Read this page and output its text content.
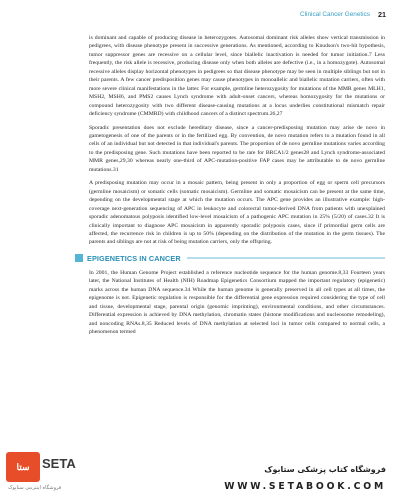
Clinical Cancer Genetics 21

is dominant and capable of producing disease in heterozygotes. Autosomal dominant risk alleles show vertical transmission in pedigrees, with disease phenotype present in successive generations. As mentioned, according to Knudson's two-hit hypothesis, tumor suppressor genes are recessive on a cellular level, since biallelic inactivation is needed for tumor initiation.7 Less frequently, the risk allele is recessive, producing disease only when both alleles are defective (i.e., in a homozygote). Autosomal recessive alleles display horizontal phenotypes in pedigrees so that disease phenotype may be seen in multiple siblings but not in their parents. A few cancer predisposition genes may cause phenotypes in monoallelic and biallelic mutation carriers, often with more severe clinical manifestations in the latter. For example, germline heterozygosity for mutations of the MMR genes MLH1, MSH2, MSH6, and PMS2 causes Lynch syndrome with adult-onset cancers, whereas homozygosity for the mutations or compound heterozygosity with two different disease-causing mutations at a locus underlies constitutional mismatch repair deficiency syndrome (CMMRD) with childhood cancers of a distinct spectrum.26,27

Sporadic presentation does not exclude hereditary disease, since a cancer-predisposing mutation may arise de novo in gametogenesis of one of the parents or in the fertilized egg. By convention, de novo mutation refers to a mutation found in all cells of an individual but not detected in that individual's parents. The proportion of de novo germline mutations varies according to the predisposing gene. Such mutations have been reported to be rare for BRCA1/2 genes28 and Lynch syndrome-associated MMR genes,29,30 whereas nearly one-third of APC-mutation-positive FAP cases may be attributable to de novo germline mutations.31

A predisposing mutation may occur in a mosaic pattern, being present in only a proportion of egg or sperm cell precursors (germline mosaicism) or somatic cells (somatic mosaicism). Germline and somatic mosaicism can be present at the same time, depending on the developmental stage at which the mutation occurs. The APC gene provides an illustrative example: high-coverage next-generation sequencing of APC in leukocyte and colorectal tumor-derived DNA from patients with unexplained sporadic adenomatous polyposis identified low-level mosaicism of a pathogenic APC mutation in 25% (5/20) of cases.32 It is clinically important to diagnose APC mosaicism in apparently sporadic polyposis cases, since if primordial germ cells are affected, the recurrence risk in children is up to 50% (depending on the distribution of the mutation in the germ tissues). The parents and siblings are not at risk of being mutation carriers, only the offspring.

EPIGENETICS IN CANCER

In 2001, the Human Genome Project established a reference nucleotide sequence for the human genome.8,33 Fourteen years later, the National Institutes of Health (NIH) Roadmap Epigenetics Consortium mapped the important regulatory (epigenetic) marks across the human DNA sequence.34 While the human genome is generally preserved in all cell types at all times, the epigenome is not. Epigenetic regulation is responsible for the differential gene expression required considering the type of cell and tissue, developmental stage, parental origin (genomic imprinting), environmental conditions, and other circumstances. Differential expression is achieved by DNA methylation, chromatin states (histone modifications and nucleosome remodeling), and noncoding RNAs.8,35 Reduced levels of DNA methylation at selected loci in tumor cells compared to normal cells, a phenomenon termed

ستا SETA
فروشگاه اینترنتی ستاپوک
فروشگاه کتاب پزشکی ستابوک
WWW.SETABOOK.COM
